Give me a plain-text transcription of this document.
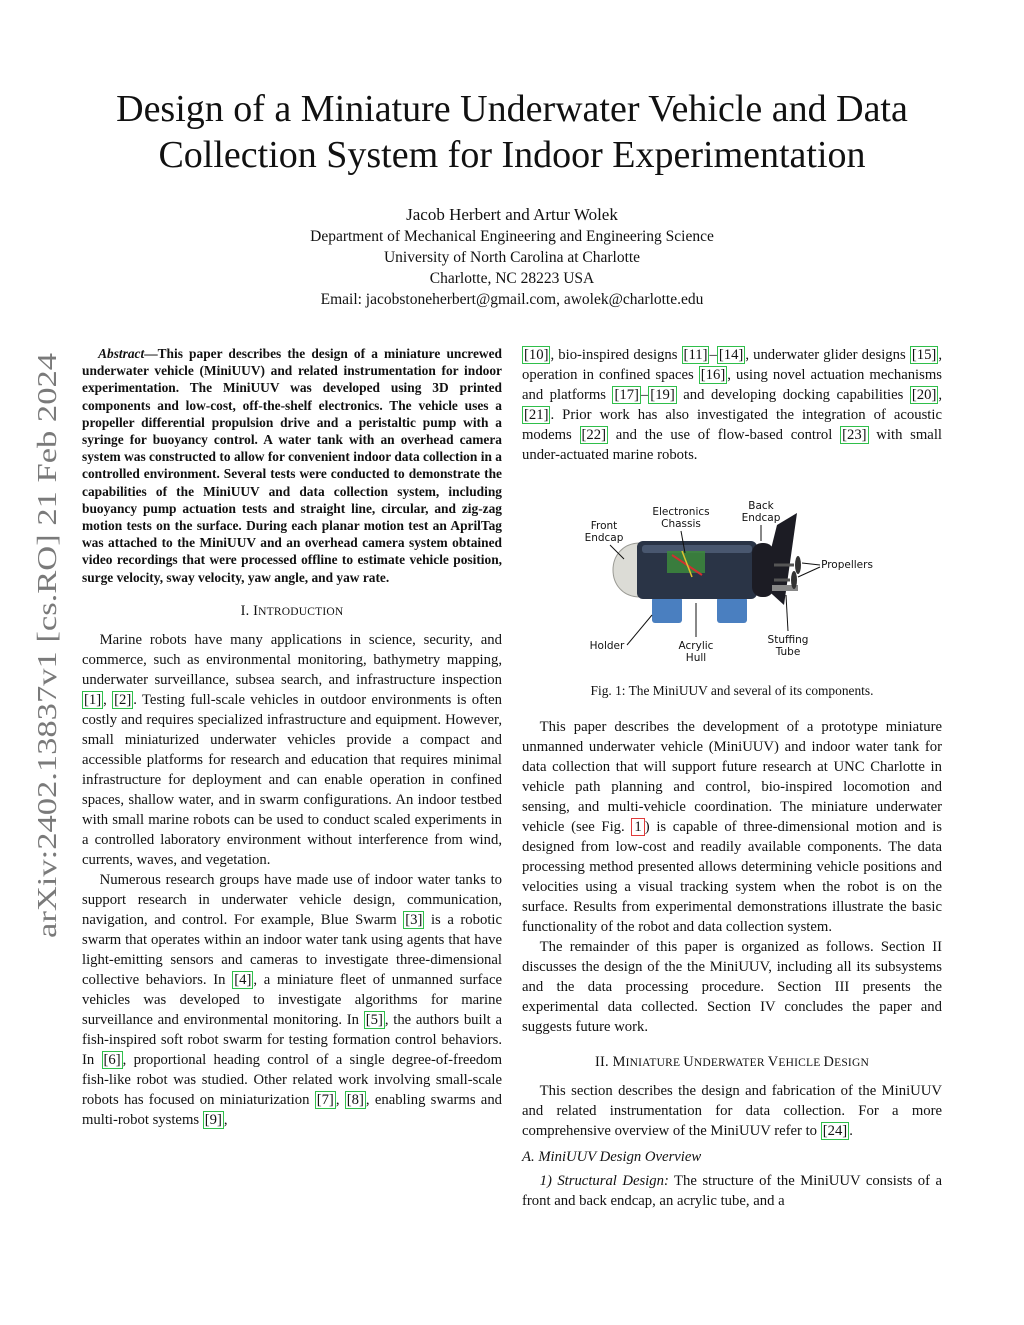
arXiv:2402.13837v1 [cs.RO] 21 Feb 2024
Design of a Miniature Underwater Vehicle and Data Collection System for Indoor Experimentation
Jacob Herbert and Artur Wolek
Department of Mechanical Engineering and Engineering Science
University of North Carolina at Charlotte
Charlotte, NC 28223 USA
Email: jacobstoneherbert@gmail.com, awolek@charlotte.edu

Abstract—This paper describes the design of a miniature uncrewed underwater vehicle (MiniUUV) and related instrumentation for indoor experimentation. The MiniUUV was developed using 3D printed components and low-cost, off-the-shelf electronics. The vehicle uses a propeller differential propulsion drive and a peristaltic pump with a syringe for buoyancy control. A water tank with an overhead camera system was constructed to allow for convenient indoor data collection in a controlled environment. Several tests were conducted to demonstrate the capabilities of the MiniUUV and data collection system, including buoyancy pump actuation tests and straight line, circular, and zig-zag motion tests on the surface. During each planar motion test an AprilTag was attached to the MiniUUV and an overhead camera system obtained video recordings that were processed offline to estimate vehicle position, surge velocity, sway velocity, yaw angle, and yaw rate.

I. INTRODUCTION

Marine robots have many applications in science, security, and commerce, such as environmental monitoring, bathymetry mapping, underwater surveillance, subsea search, and infrastructure inspection [1] , [2] . Testing full-scale vehicles in outdoor environments is often costly and requires specialized infrastructure and equipment. However, small miniaturized underwater vehicles provide a compact and accessible platforms for research and education that requires minimal infrastructure for deployment and can enable operation in confined spaces, shallow water, and in swarm configurations. An indoor testbed with small marine robots can be used to conduct scaled experiments in a controlled laboratory environment without interference from wind, currents, waves, and vegetation.

Numerous research groups have made use of indoor water tanks to support research in underwater vehicle design, communication, navigation, and control. For example, Blue Swarm [3] is a robotic swarm that operates within an indoor water tank using agents that have light-emitting sensors and cameras to investigate three-dimensional collective behaviors. In [4] , a miniature fleet of unmanned surface vehicles was developed to investigate algorithms for marine surveillance and environmental monitoring. In [5] , the authors built a fish-inspired soft robot swarm for testing formation control behaviors. In [6] , proportional heading control of a single degree-of-freedom fish-like robot was studied. Other related work involving small-scale robots has focused on miniaturization [7] , [8] , enabling swarms and multi-robot systems [9] ,

[10] , bio-inspired designs [11] – [14] , underwater glider designs [15] , operation in confined spaces [16] , using novel actuation mechanisms and platforms [17] – [19] and developing docking capabilities [20] , [21] . Prior work has also investigated the integration of acoustic modems [22] and the use of flow-based control [23] with small under-actuated marine robots.

Front
Endcap
Electronics
Chassis
Back
Endcap
Propellers
Holder	Acrylic
Hull
Stuffing
Tube
Fig. 1: The MiniUUV and several of its components.

This paper describes the development of a prototype miniature unmanned underwater vehicle (MiniUUV) and indoor water tank for data collection that will support future research at UNC Charlotte in vehicle path planning and control, bio-inspired locomotion and sensing, and multi-vehicle coordination. The miniature underwater vehicle (see Fig. 1 ) is capable of three-dimensional motion and is designed from low-cost and readily available components. The data processing method presented allows determining vehicle positions and velocities using a visual tracking system when the robot is on the surface. Results from experimental demonstrations illustrate the basic functionality of the robot and data collection system.

The remainder of this paper is organized as follows. Section II discusses the design of the the MiniUUV, including all its subsystems and the data processing procedure. Section III presents the experimental data collected. Section IV concludes the paper and suggests future work.

II. MINIATURE UNDERWATER VEHICLE DESIGN

This section describes the design and fabrication of the MiniUUV and related instrumentation for data collection. For a more comprehensive overview of the MiniUUV refer to [24] .

A. MiniUUV Design Overview

1) Structural Design: The structure of the MiniUUV consists of a front and back endcap, an acrylic tube, and a
